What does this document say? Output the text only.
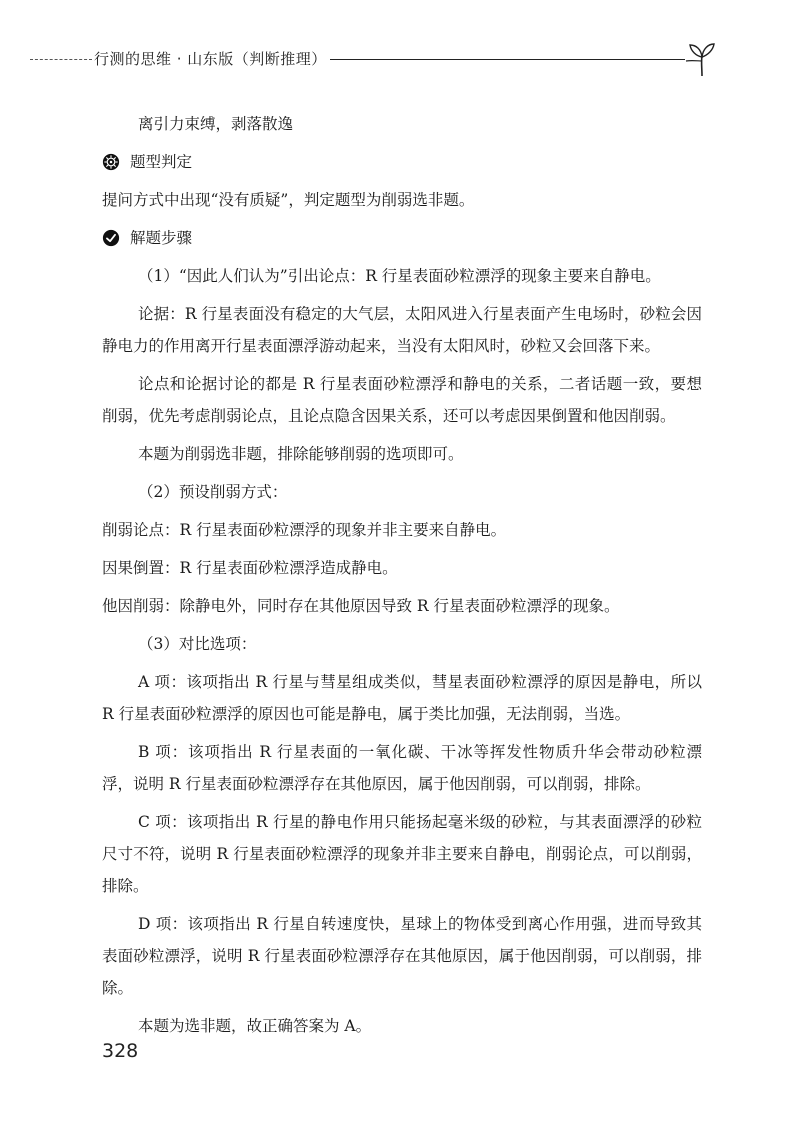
行测的思维 · 山东版（判断推理）

离引力束缚，剥落散逸

题型判定

提问方式中出现“没有质疑”，判定题型为削弱选非题。

解题步骤

（1）“因此人们认为”引出论点：R 行星表面砂粒漂浮的现象主要来自静电。

论据：R 行星表面没有稳定的大气层，太阳风进入行星表面产生电场时，砂粒会因静电力的作用离开行星表面漂浮游动起来，当没有太阳风时，砂粒又会回落下来。

论点和论据讨论的都是 R 行星表面砂粒漂浮和静电的关系，二者话题一致，要想削弱，优先考虑削弱论点，且论点隐含因果关系，还可以考虑因果倒置和他因削弱。

本题为削弱选非题，排除能够削弱的选项即可。

（2）预设削弱方式：

削弱论点：R 行星表面砂粒漂浮的现象并非主要来自静电。

因果倒置：R 行星表面砂粒漂浮造成静电。

他因削弱：除静电外，同时存在其他原因导致 R 行星表面砂粒漂浮的现象。

（3）对比选项：

A 项：该项指出 R 行星与彗星组成类似，彗星表面砂粒漂浮的原因是静电，所以 R 行星表面砂粒漂浮的原因也可能是静电，属于类比加强，无法削弱，当选。

B 项：该项指出 R 行星表面的一氧化碳、干冰等挥发性物质升华会带动砂粒漂浮，说明 R 行星表面砂粒漂浮存在其他原因，属于他因削弱，可以削弱，排除。

C 项：该项指出 R 行星的静电作用只能扬起毫米级的砂粒，与其表面漂浮的砂粒尺寸不符，说明 R 行星表面砂粒漂浮的现象并非主要来自静电，削弱论点，可以削弱，排除。

D 项：该项指出 R 行星自转速度快，星球上的物体受到离心作用强，进而导致其表面砂粒漂浮，说明 R 行星表面砂粒漂浮存在其他原因，属于他因削弱，可以削弱，排除。

本题为选非题，故正确答案为 A。

328
